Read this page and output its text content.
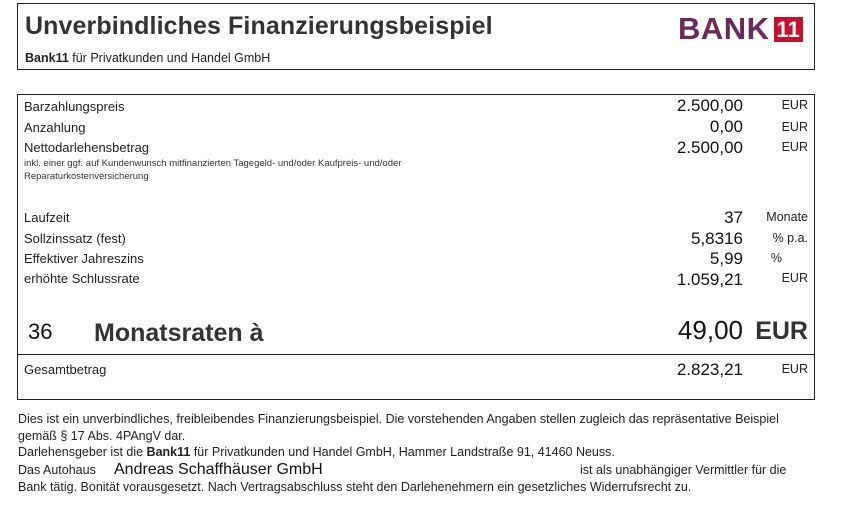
Unverbindliches Finanzierungsbeispiel
Bank11 für Privatkunden und Handel GmbH
BANK 11
Barzahlungspreis	2.500,00	EUR
Anzahlung	0,00	EUR
Nettodarlehensbetrag	2.500,00	EUR
inkl. einer ggf. auf Kundenwunsch mitfinanzierten Tagegeld- und/oder Kaufpreis- und/oder Reparaturkostenversicherung
Laufzeit	37 Monate
Sollzinssatz (fest)	5,8316 % p.a.
Effektiver Jahreszins	5,99 %
erhöhte Schlussrate	1.059,21	EUR
36 Monatsraten à	49,00 EUR
Gesamtbetrag	2.823,21	EUR
Dies ist ein unverbindliches, freibleibendes Finanzierungsbeispiel. Die vorstehenden Angaben stellen zugleich das repräsentative Beispiel gemäß § 17 Abs. 4PAngV dar.
Darlehensgeber ist die Bank11 für Privatkunden und Handel GmbH, Hammer Landstraße 91, 41460 Neuss.
Das Autohaus Andreas Schaffhäuser GmbH	ist als unabhängiger Vermittler für die
Bank tätig. Bonität vorausgesetzt. Nach Vertragsabschluss steht den Darlehenehmern ein gesetzliches Widerrufsrecht zu.
